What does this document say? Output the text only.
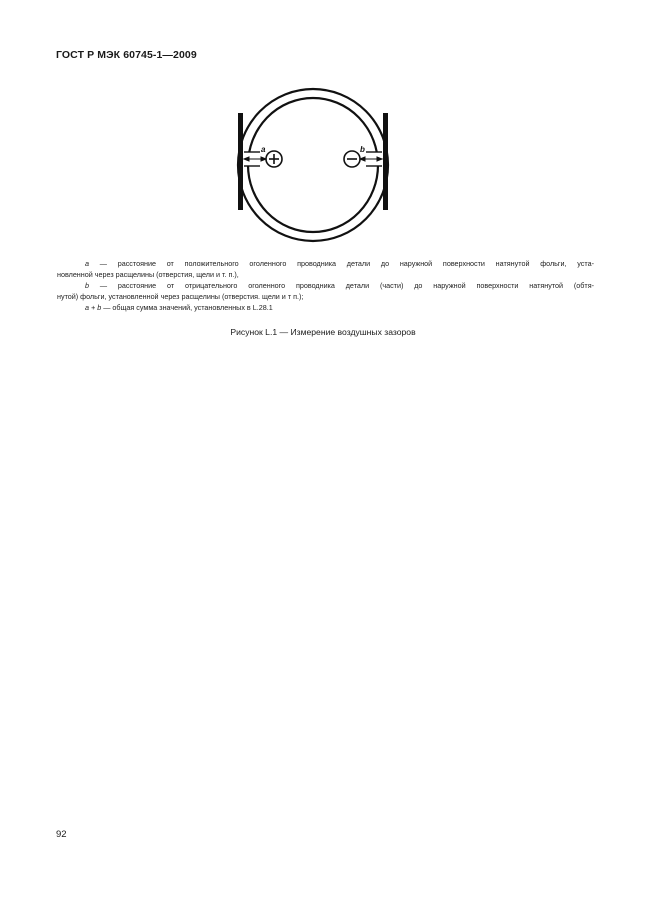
ГОСТ Р МЭК 60745-1—2009
a	b

a — расстояние от положительного оголенного проводника детали до наружной поверхности натянутой фольги, уста-

новленной через расщелины (отверстия, щели и т. п.),

b — расстояние от отрицательного оголенного проводника детали (части) до наружной поверхности натянутой (обтя-

нутой) фольги, установленной через расщелины (отверстия. щели и т п.);

a + b — общая сумма значений, установленных в L.28.1

Рисунок L.1 — Измерение воздушных зазоров
92
